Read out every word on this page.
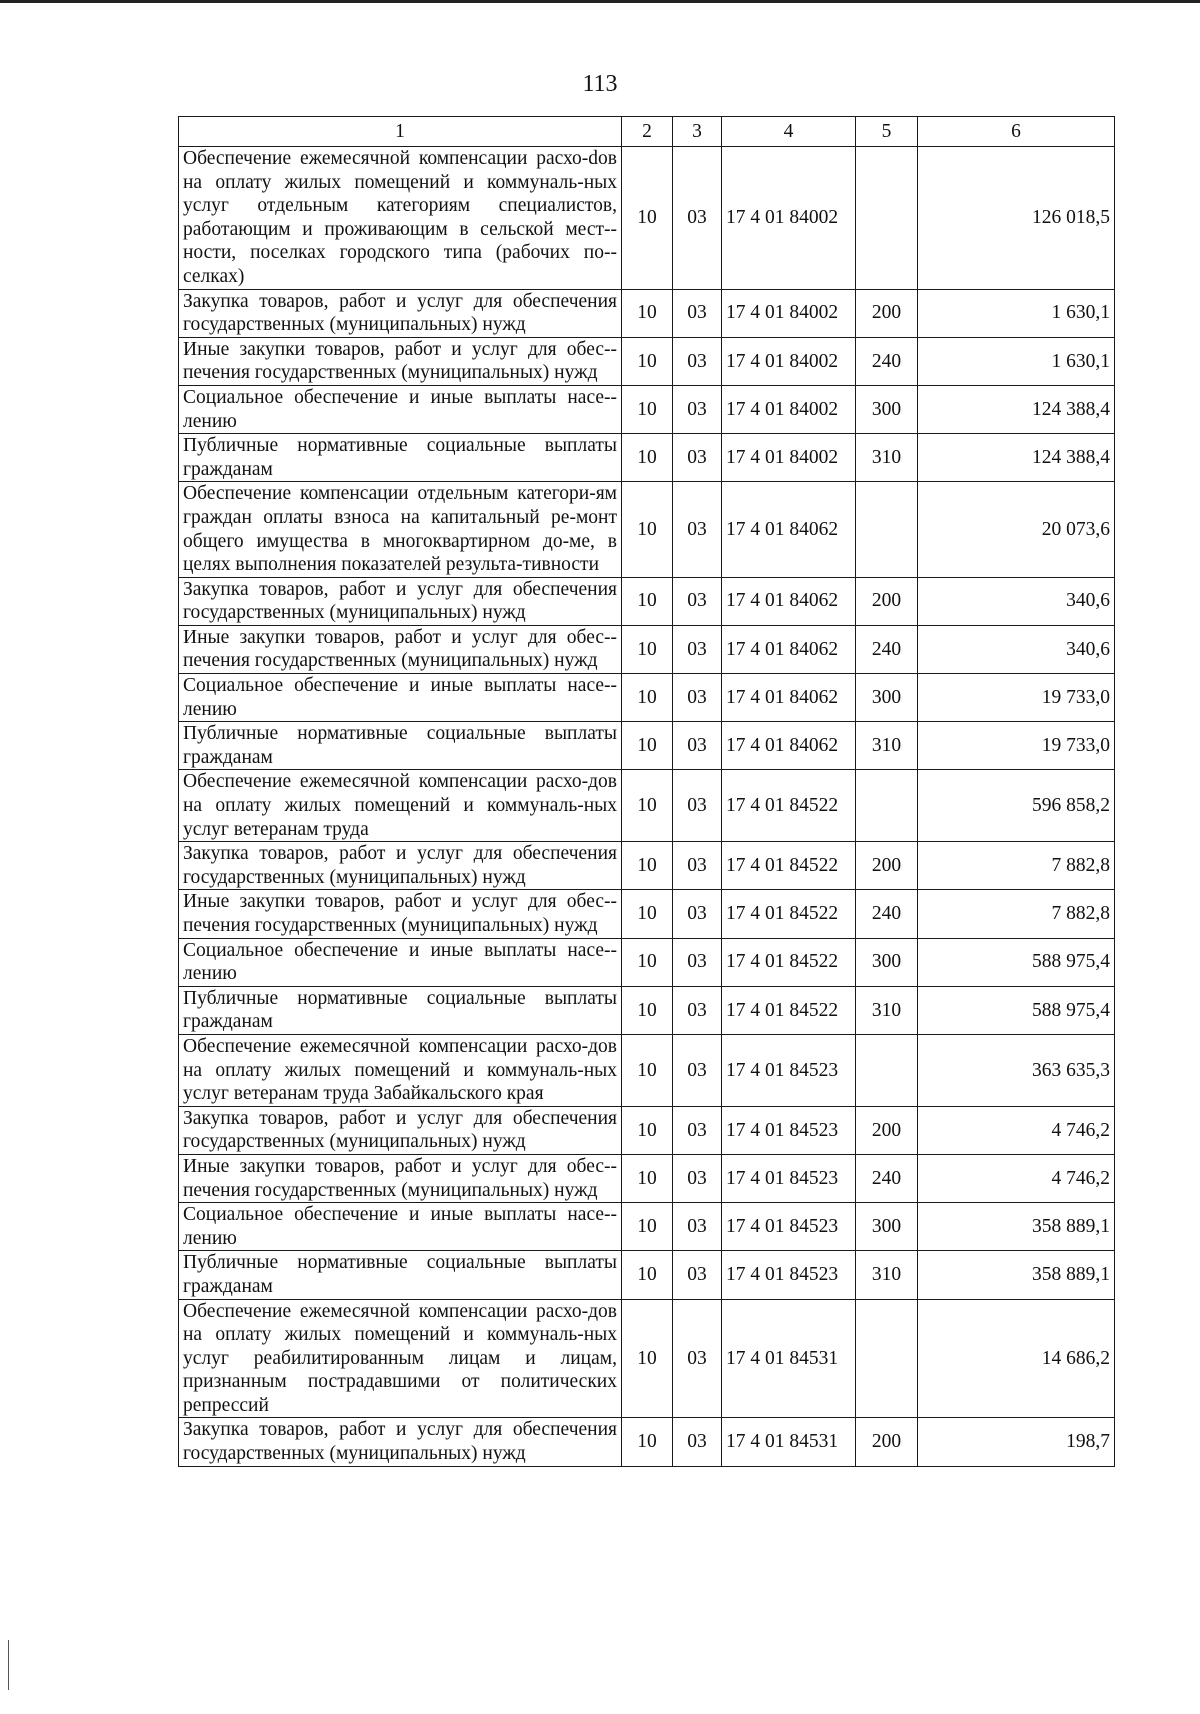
113
1	2	3	4	5	6
Обеспечение ежемесячной компенсации расхо-dов на оплату жилых помещений и коммуналь-ных услуг отдельным категориям специалистов, работающим и проживающим в сельской мест-ности, поселках городского типа (рабочих по-селках)	10	03	17 4 01 84002		126 018,5
Закупка товаров, работ и услуг для обеспечения государственных (муниципальных) нужд	10	03	17 4 01 84002	200	1 630,1
Иные закупки товаров, работ и услуг для обес-печения государственных (муниципальных) нужд	10	03	17 4 01 84002	240	1 630,1
Социальное обеспечение и иные выплаты насе-лению	10	03	17 4 01 84002	300	124 388,4
Публичные нормативные социальные выплаты гражданам	10	03	17 4 01 84002	310	124 388,4
Обеспечение компенсации отдельным категори-ям граждан оплаты взноса на капитальный ре-монт общего имущества в многоквартирном до-ме, в целях выполнения показателей результа-тивности	10	03	17 4 01 84062		20 073,6
Закупка товаров, работ и услуг для обеспечения государственных (муниципальных) нужд	10	03	17 4 01 84062	200	340,6
Иные закупки товаров, работ и услуг для обес-печения государственных (муниципальных) нужд	10	03	17 4 01 84062	240	340,6
Социальное обеспечение и иные выплаты насе-лению	10	03	17 4 01 84062	300	19 733,0
Публичные нормативные социальные выплаты гражданам	10	03	17 4 01 84062	310	19 733,0
Обеспечение ежемесячной компенсации расхо-дов на оплату жилых помещений и коммуналь-ных услуг ветеранам труда	10	03	17 4 01 84522		596 858,2
Закупка товаров, работ и услуг для обеспечения государственных (муниципальных) нужд	10	03	17 4 01 84522	200	7 882,8
Иные закупки товаров, работ и услуг для обес-печения государственных (муниципальных) нужд	10	03	17 4 01 84522	240	7 882,8
Социальное обеспечение и иные выплаты насе-лению	10	03	17 4 01 84522	300	588 975,4
Публичные нормативные социальные выплаты гражданам	10	03	17 4 01 84522	310	588 975,4
Обеспечение ежемесячной компенсации расхо-дов на оплату жилых помещений и коммуналь-ных услуг ветеранам труда Забайкальского края	10	03	17 4 01 84523		363 635,3
Закупка товаров, работ и услуг для обеспечения государственных (муниципальных) нужд	10	03	17 4 01 84523	200	4 746,2
Иные закупки товаров, работ и услуг для обес-печения государственных (муниципальных) нужд	10	03	17 4 01 84523	240	4 746,2
Социальное обеспечение и иные выплаты насе-лению	10	03	17 4 01 84523	300	358 889,1
Публичные нормативные социальные выплаты гражданам	10	03	17 4 01 84523	310	358 889,1
Обеспечение ежемесячной компенсации расхо-дов на оплату жилых помещений и коммуналь-ных услуг реабилитированным лицам и лицам, признанным пострадавшими от политических репрессий	10	03	17 4 01 84531		14 686,2
Закупка товаров, работ и услуг для обеспечения государственных (муниципальных) нужд	10	03	17 4 01 84531	200	198,7
